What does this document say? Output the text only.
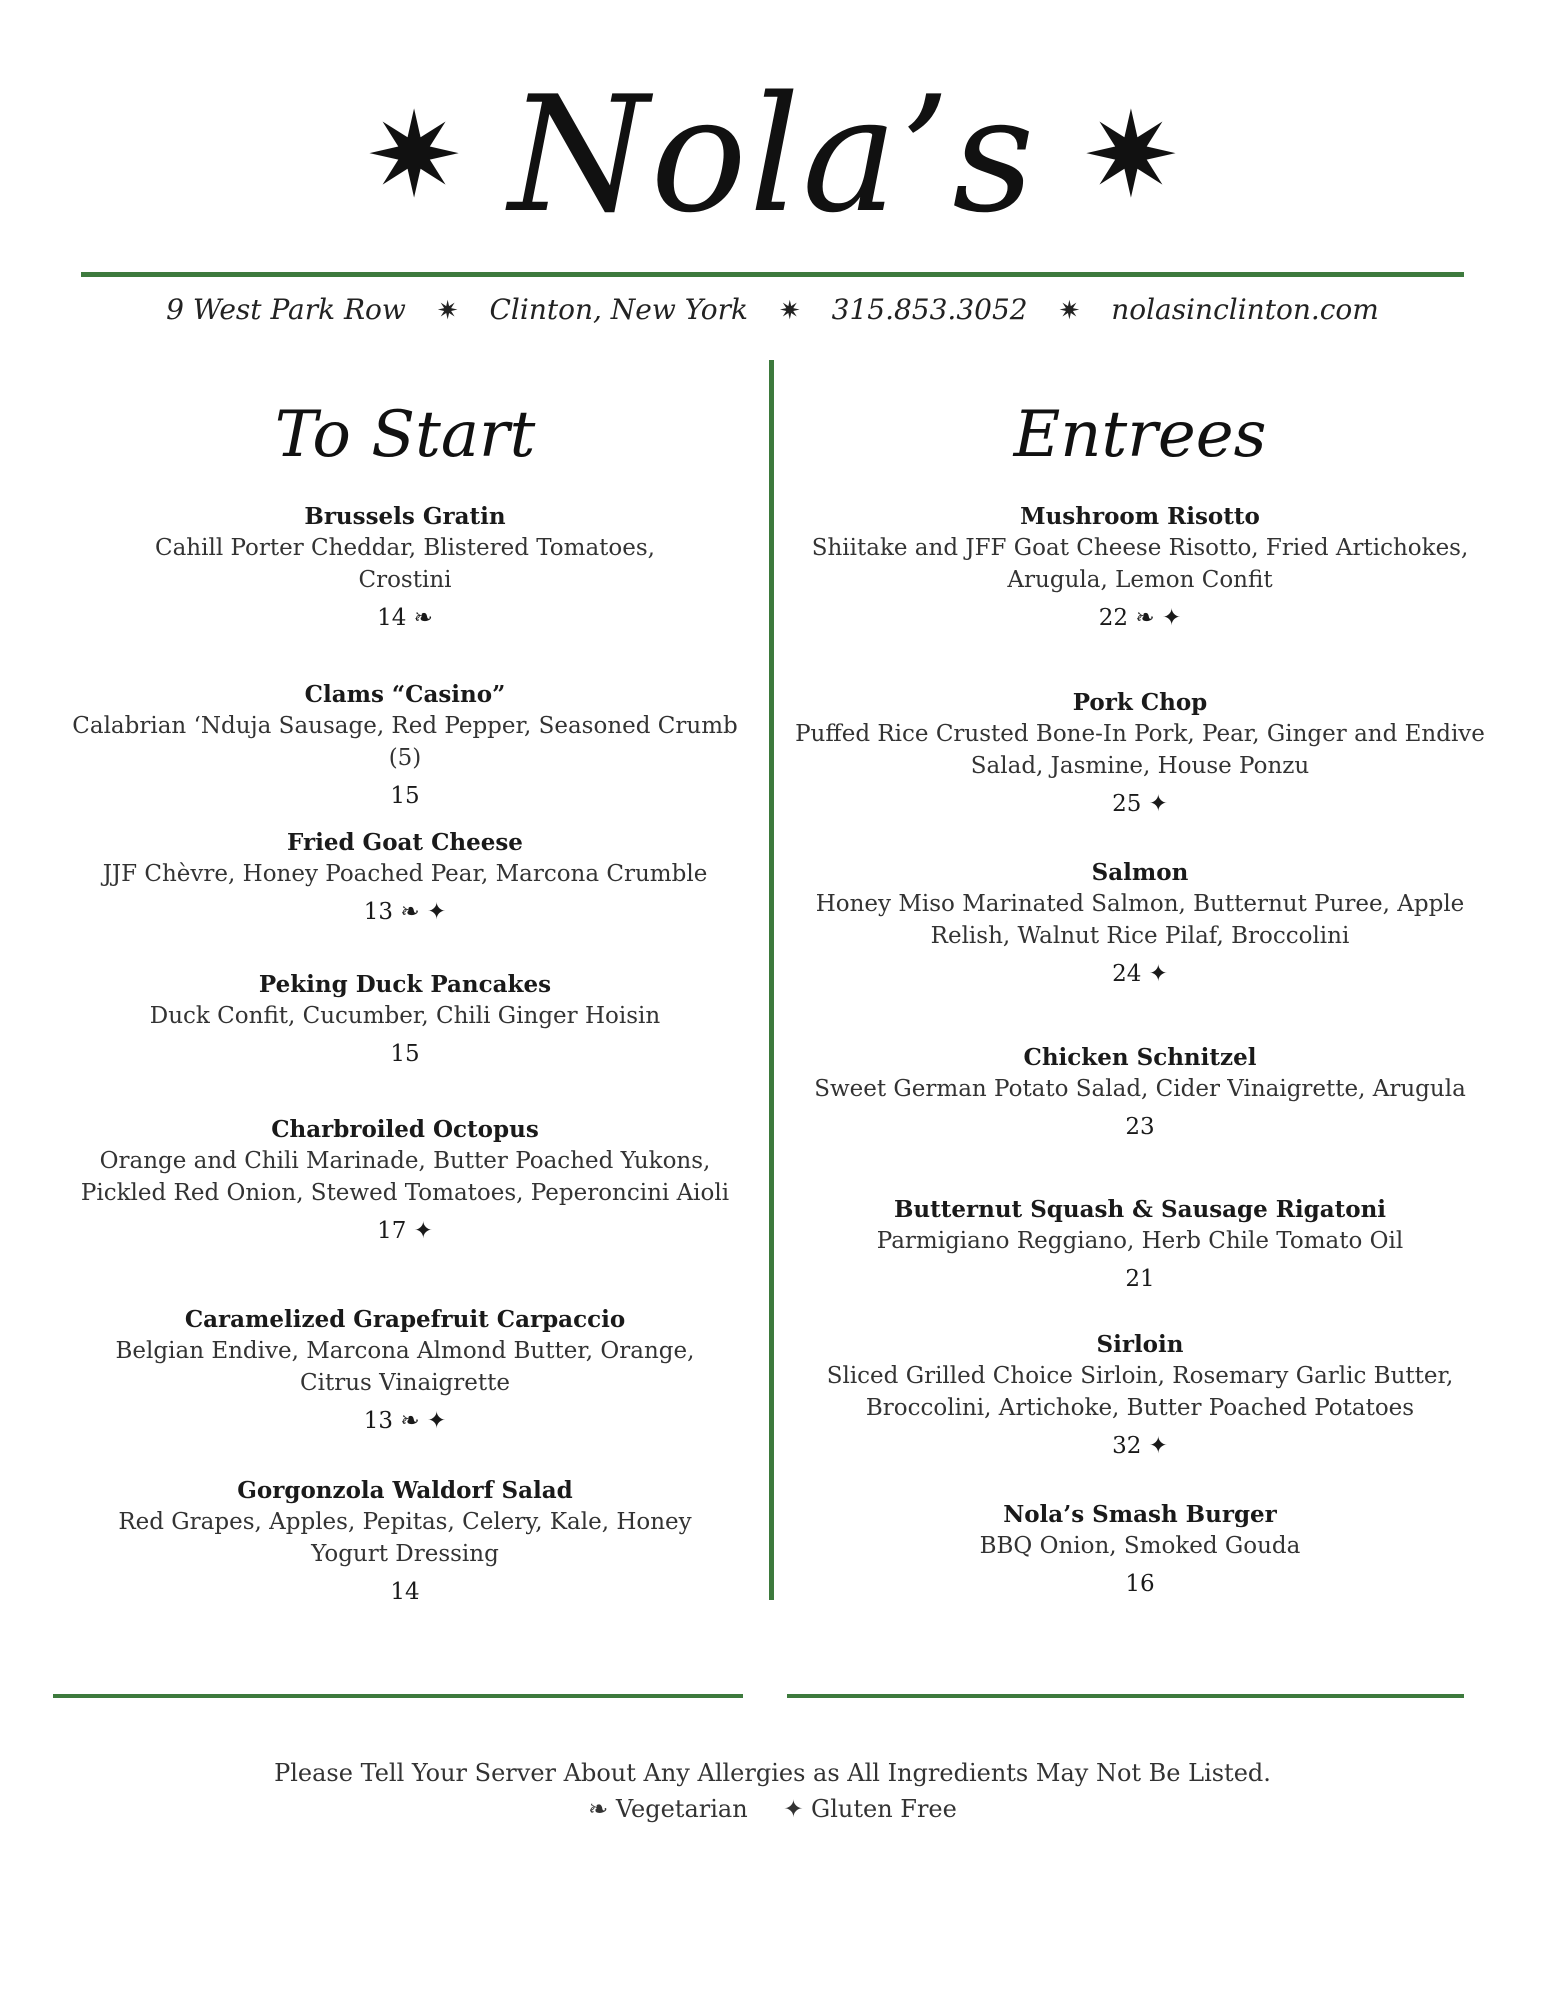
✷ Nola’s ✷
9 West Park Row ✷ Clinton, New York ✷ 315.853.3052 ✷ nolasinclinton.com
To Start
Brussels Gratin
Cahill Porter Cheddar, Blistered Tomatoes, Crostini
14 ❧
Clams “Casino”
Calabrian ‘Nduja Sausage, Red Pepper, Seasoned Crumb (5)
15
Fried Goat Cheese
JJF Chèvre, Honey Poached Pear, Marcona Crumble
13 ❧ ✦
Peking Duck Pancakes
Duck Confit, Cucumber, Chili Ginger Hoisin
15
Charbroiled Octopus
Orange and Chili Marinade, Butter Poached Yukons, Pickled Red Onion, Stewed Tomatoes, Peperoncini Aioli
17 ✦
Caramelized Grapefruit Carpaccio
Belgian Endive, Marcona Almond Butter, Orange, Citrus Vinaigrette
13 ❧ ✦
Gorgonzola Waldorf Salad
Red Grapes, Apples, Pepitas, Celery, Kale, Honey Yogurt Dressing
14
Entrees
Mushroom Risotto
Shiitake and JFF Goat Cheese Risotto, Fried Artichokes, Arugula, Lemon Confit
22 ❧ ✦
Pork Chop
Puffed Rice Crusted Bone-In Pork, Pear, Ginger and Endive Salad, Jasmine, House Ponzu
25 ✦
Salmon
Honey Miso Marinated Salmon, Butternut Puree, Apple Relish, Walnut Rice Pilaf, Broccolini
24 ✦
Chicken Schnitzel
Sweet German Potato Salad, Cider Vinaigrette, Arugula
23
Butternut Squash & Sausage Rigatoni
Parmigiano Reggiano, Herb Chile Tomato Oil
21
Sirloin
Sliced Grilled Choice Sirloin, Rosemary Garlic Butter, Broccolini, Artichoke, Butter Poached Potatoes
32 ✦
Nola’s Smash Burger
BBQ Onion, Smoked Gouda
16
Please Tell Your Server About Any Allergies as All Ingredients May Not Be Listed.
❧ Vegetarian ✦ Gluten Free
